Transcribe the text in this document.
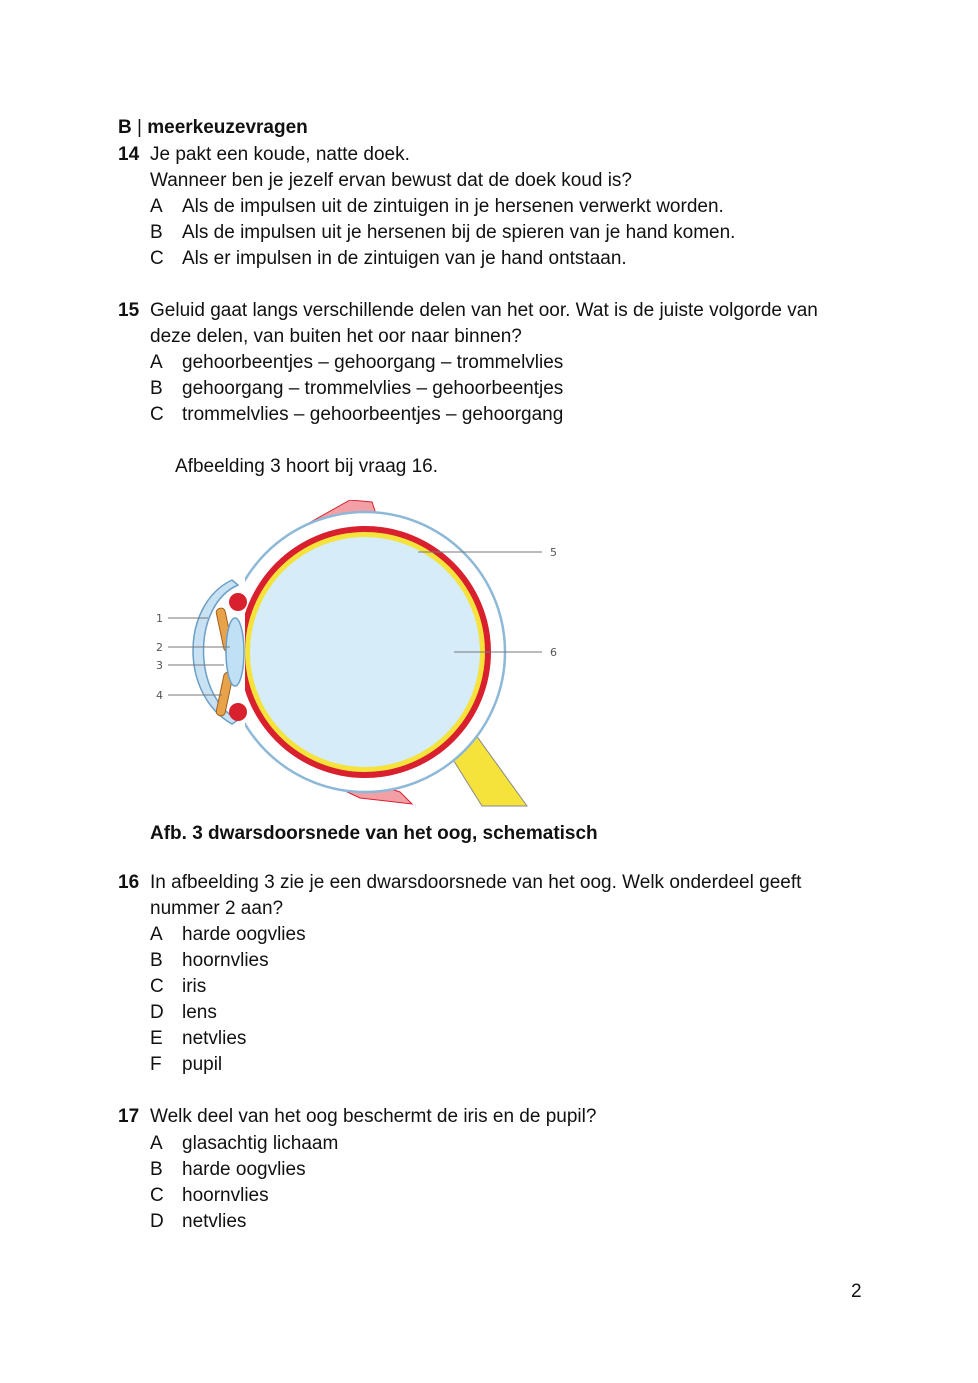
B | meerkeuzevragen
14 Je pakt een koude, natte doek.
Wanneer ben je jezelf ervan bewust dat de doek koud is?
A Als de impulsen uit de zintuigen in je hersenen verwerkt worden.
B Als de impulsen uit je hersenen bij de spieren van je hand komen.
C Als er impulsen in de zintuigen van je hand ontstaan.
15 Geluid gaat langs verschillende delen van het oor. Wat is de juiste volgorde van
deze delen, van buiten het oor naar binnen?
A gehoorbeentjes – gehoorgang – trommelvlies
B gehoorgang – trommelvlies – gehoorbeentjes
C trommelvlies – gehoorbeentjes – gehoorgang
Afbeelding 3 hoort bij vraag 16.
1
2
3
4
5
6
Afb. 3 dwarsdoorsnede van het oog, schematisch
16 In afbeelding 3 zie je een dwarsdoorsnede van het oog. Welk onderdeel geeft
nummer 2 aan?
A harde oogvlies
B hoornvlies
C iris
D lens
E netvlies
F pupil
17 Welk deel van het oog beschermt de iris en de pupil?
A glasachtig lichaam
B harde oogvlies
C hoornvlies
D netvlies
2
